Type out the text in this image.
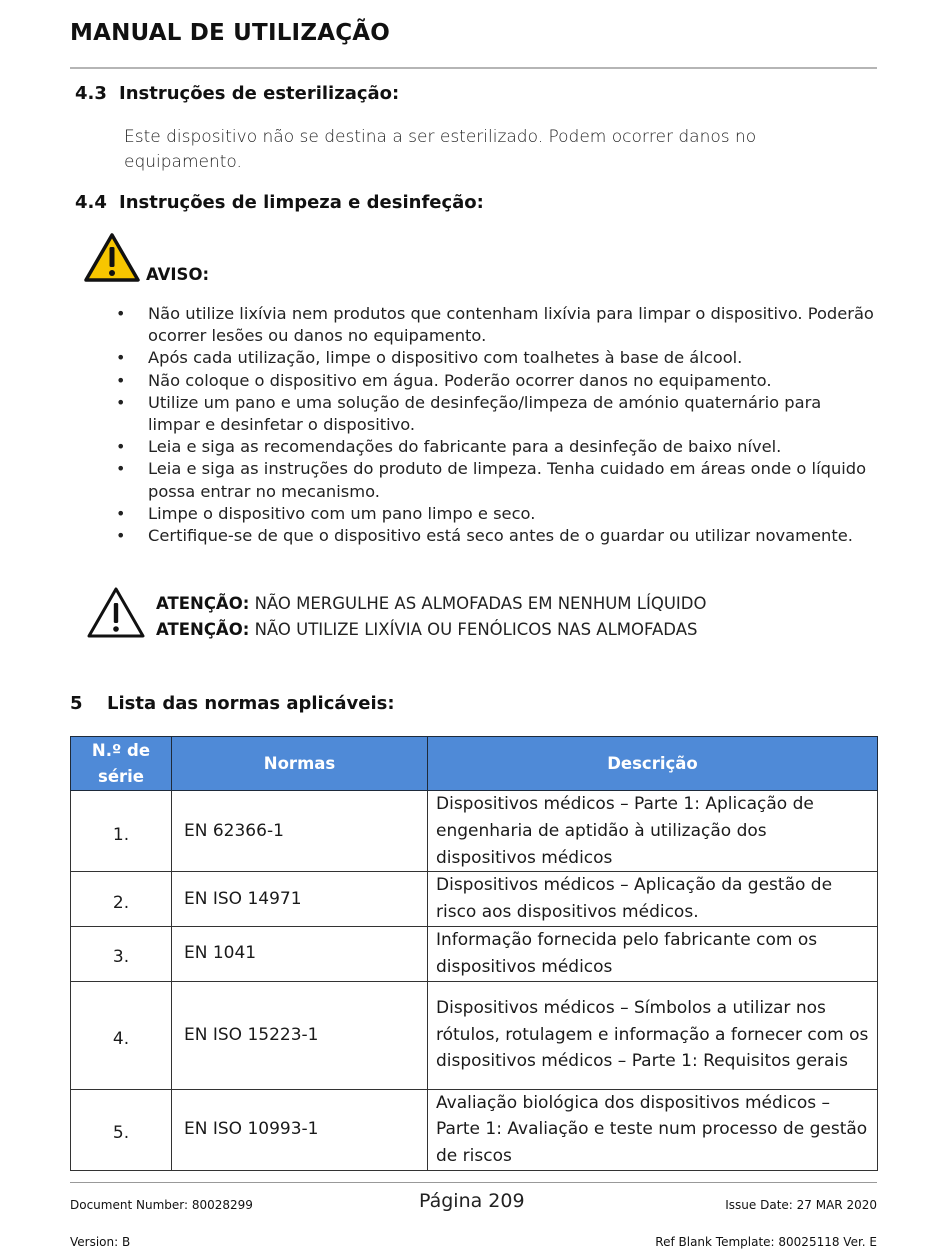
MANUAL DE UTILIZAÇÃO
4.3 Instruções de esterilização:
Este dispositivo não se destina a ser esterilizado. Podem ocorrer danos no
equipamento.
4.4 Instruções de limpeza e desinfeção:
AVISO:
• Não utilize lixívia nem produtos que contenham lixívia para limpar o dispositivo. Poderão ocorrer lesões ou danos no equipamento.
• Após cada utilização, limpe o dispositivo com toalhetes à base de álcool.
• Não coloque o dispositivo em água. Poderão ocorrer danos no equipamento.
• Utilize um pano e uma solução de desinfeção/limpeza de amónio quaternário para limpar e desinfetar o dispositivo.
• Leia e siga as recomendações do fabricante para a desinfeção de baixo nível.
• Leia e siga as instruções do produto de limpeza. Tenha cuidado em áreas onde o líquido possa entrar no mecanismo.
• Limpe o dispositivo com um pano limpo e seco.
• Certifique-se de que o dispositivo está seco antes de o guardar ou utilizar novamente.
ATENÇÃO: NÃO MERGULHE AS ALMOFADAS EM NENHUM LÍQUIDO
ATENÇÃO: NÃO UTILIZE LIXÍVIA OU FENÓLICOS NAS ALMOFADAS
5 Lista das normas aplicáveis:
N.º de série	Normas	Descrição
1.	EN 62366-1	Dispositivos médicos – Parte 1: Aplicação de engenharia de aptidão à utilização dos dispositivos médicos
2.	EN ISO 14971	Dispositivos médicos – Aplicação da gestão de risco aos dispositivos médicos.
3.	EN 1041	Informação fornecida pelo fabricante com os dispositivos médicos
4.	EN ISO 15223-1	Dispositivos médicos – Símbolos a utilizar nos rótulos, rotulagem e informação a fornecer com os dispositivos médicos – Parte 1: Requisitos gerais
5.	EN ISO 10993-1	Avaliação biológica dos dispositivos médicos – Parte 1: Avaliação e teste num processo de gestão de riscos
Document Number: 80028299	Página 209	Issue Date: 27 MAR 2020
Version: B	Ref Blank Template: 80025118 Ver. E
